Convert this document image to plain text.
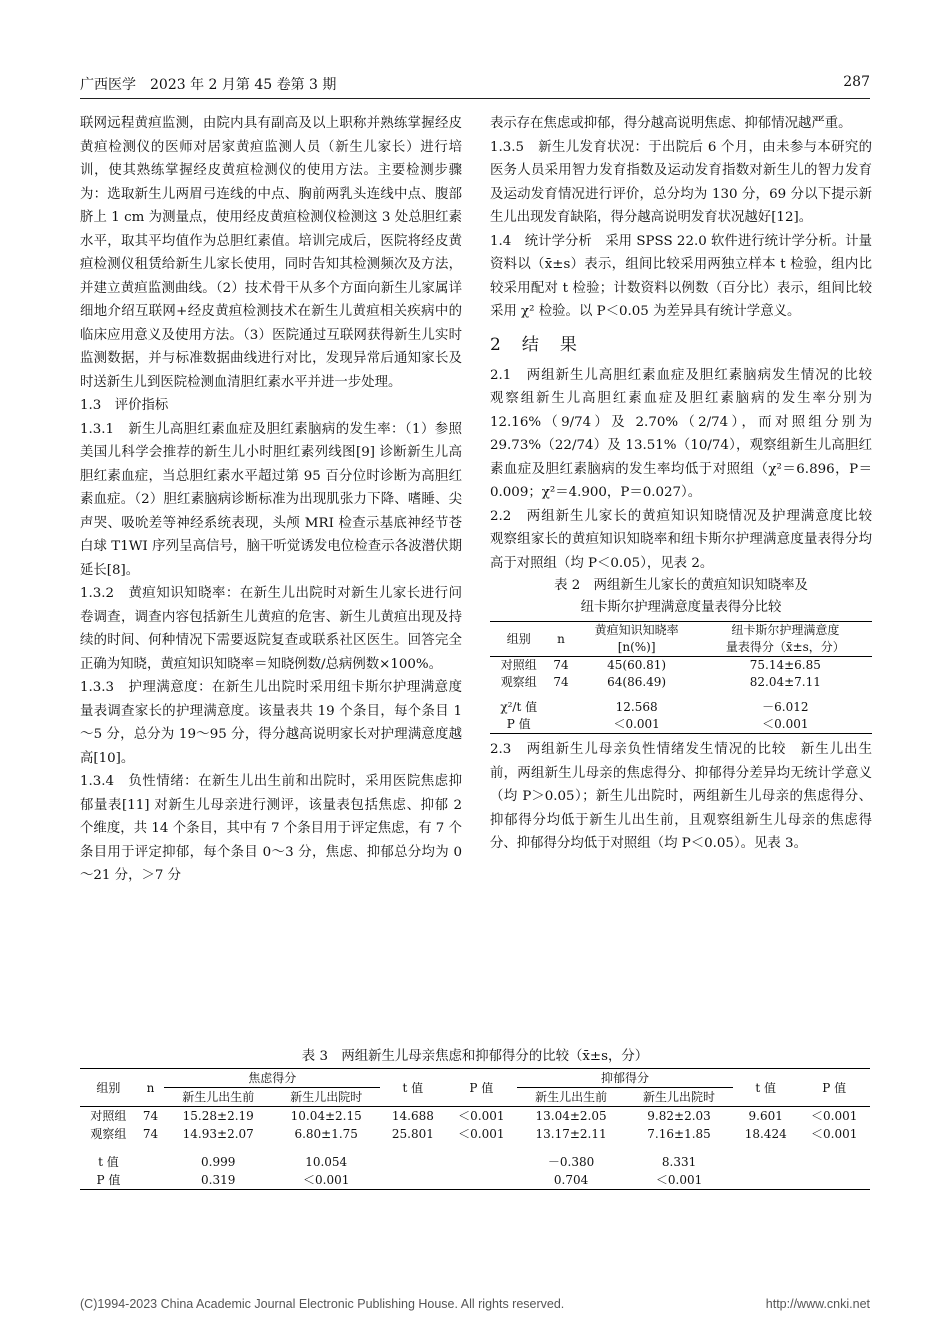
广西医学　2023 年 2 月第 45 卷第 3 期	287

联网远程黄疸监测，由院内具有副高及以上职称并熟练掌握经皮黄疸检测仪的医师对居家黄疸监测人员（新生儿家长）进行培训，使其熟练掌握经皮黄疸检测仪的使用方法。主要检测步骤为：选取新生儿两眉弓连线的中点、胸前两乳头连线中点、腹部脐上 1 cm 为测量点，使用经皮黄疸检测仪检测这 3 处总胆红素水平，取其平均值作为总胆红素值。培训完成后，医院将经皮黄疸检测仪租赁给新生儿家长使用，同时告知其检测频次及方法，并建立黄疸监测曲线。（2）技术骨干从多个方面向新生儿家属详细地介绍互联网+经皮黄疸检测技术在新生儿黄疸相关疾病中的临床应用意义及使用方法。（3）医院通过互联网获得新生儿实时监测数据，并与标准数据曲线进行对比，发现异常后通知家长及时送新生儿到医院检测血清胆红素水平并进一步处理。

1.3　评价指标

1.3.1　新生儿高胆红素血症及胆红素脑病的发生率：（1）参照美国儿科学会推荐的新生儿小时胆红素列线图[9] 诊断新生儿高胆红素血症，当总胆红素水平超过第 95 百分位时诊断为高胆红素血症。（2）胆红素脑病诊断标准为出现肌张力下降、嗜睡、尖声哭、吸吮差等神经系统表现，头颅 MRI 检查示基底神经节苍白球 T1WI 序列呈高信号，脑干听觉诱发电位检查示各波潜伏期延长[8]。

1.3.2　黄疸知识知晓率：在新生儿出院时对新生儿家长进行问卷调查，调查内容包括新生儿黄疸的危害、新生儿黄疸出现及持续的时间、何种情况下需要返院复查或联系社区医生。回答完全正确为知晓，黄疸知识知晓率＝知晓例数/总病例数×100%。

1.3.3　护理满意度：在新生儿出院时采用纽卡斯尔护理满意度量表调查家长的护理满意度。该量表共 19 个条目，每个条目 1～5 分，总分为 19～95 分，得分越高说明家长对护理满意度越高[10]。

1.3.4　负性情绪：在新生儿出生前和出院时，采用医院焦虑抑郁量表[11] 对新生儿母亲进行测评，该量表包括焦虑、抑郁 2 个维度，共 14 个条目，其中有 7 个条目用于评定焦虑，有 7 个条目用于评定抑郁，每个条目 0～3 分，焦虑、抑郁总分均为 0～21 分，＞7 分

表示存在焦虑或抑郁，得分越高说明焦虑、抑郁情况越严重。

1.3.5　新生儿发育状况：于出院后 6 个月，由未参与本研究的医务人员采用智力发育指数及运动发育指数对新生儿的智力发育及运动发育情况进行评价，总分均为 130 分，69 分以下提示新生儿出现发育缺陷，得分越高说明发育状况越好[12]。

1.4　统计学分析　采用 SPSS 22.0 软件进行统计学分析。计量资料以（x̄±s）表示，组间比较采用两独立样本 t 检验，组内比较采用配对 t 检验；计数资料以例数（百分比）表示，组间比较采用 χ² 检验。以 P＜0.05 为差异具有统计学意义。

2　结　果

2.1　两组新生儿高胆红素血症及胆红素脑病发生情况的比较　观察组新生儿高胆红素血症及胆红素脑病的发生率分别为 12.16%（9/74）及 2.70%（2/74），而对照组分别为 29.73%（22/74）及 13.51%（10/74），观察组新生儿高胆红素血症及胆红素脑病的发生率均低于对照组（χ²＝6.896，P＝0.009；χ²＝4.900，P＝0.027）。

2.2　两组新生儿家长的黄疸知识知晓情况及护理满意度比较　观察组家长的黄疸知识知晓率和纽卡斯尔护理满意度量表得分均高于对照组（均 P＜0.05），见表 2。

表 2　两组新生儿家长的黄疸知识知晓率及

纽卡斯尔护理满意度量表得分比较

组别	n	黄疸知识知晓率	纽卡斯尔护理满意度
		[n(%)]	量表得分（x̄±s，分）
对照组	74	45(60.81)	75.14±6.85
观察组	74	64(86.49)	82.04±7.11

χ²/t 值		12.568	－6.012
P 值		＜0.001	＜0.001

2.3　两组新生儿母亲负性情绪发生情况的比较　新生儿出生前，两组新生儿母亲的焦虑得分、抑郁得分差异均无统计学意义（均 P＞0.05）；新生儿出院时，两组新生儿母亲的焦虑得分、抑郁得分均低于新生儿出生前，且观察组新生儿母亲的焦虑得分、抑郁得分均低于对照组（均 P＜0.05）。见表 3。

表 3　两组新生儿母亲焦虑和抑郁得分的比较（x̄±s，分）

组别	n	焦虑得分		t 值	P 值	抑郁得分		t 值	P 值
		新生儿出生前	新生儿出院时			新生儿出生前	新生儿出院时		
对照组	74	15.28±2.19	10.04±2.15	14.688	＜0.001	13.04±2.05	9.82±2.03	9.601	＜0.001
观察组	74	14.93±2.07	6.80±1.75	25.801	＜0.001	13.17±2.11	7.16±1.85	18.424	＜0.001

t 值		0.999	10.054			－0.380	8.331		
P 值		0.319	＜0.001			0.704	＜0.001		
(C)1994-2023 China Academic Journal Electronic Publishing House. All rights reserved.	http://www.cnki.net
